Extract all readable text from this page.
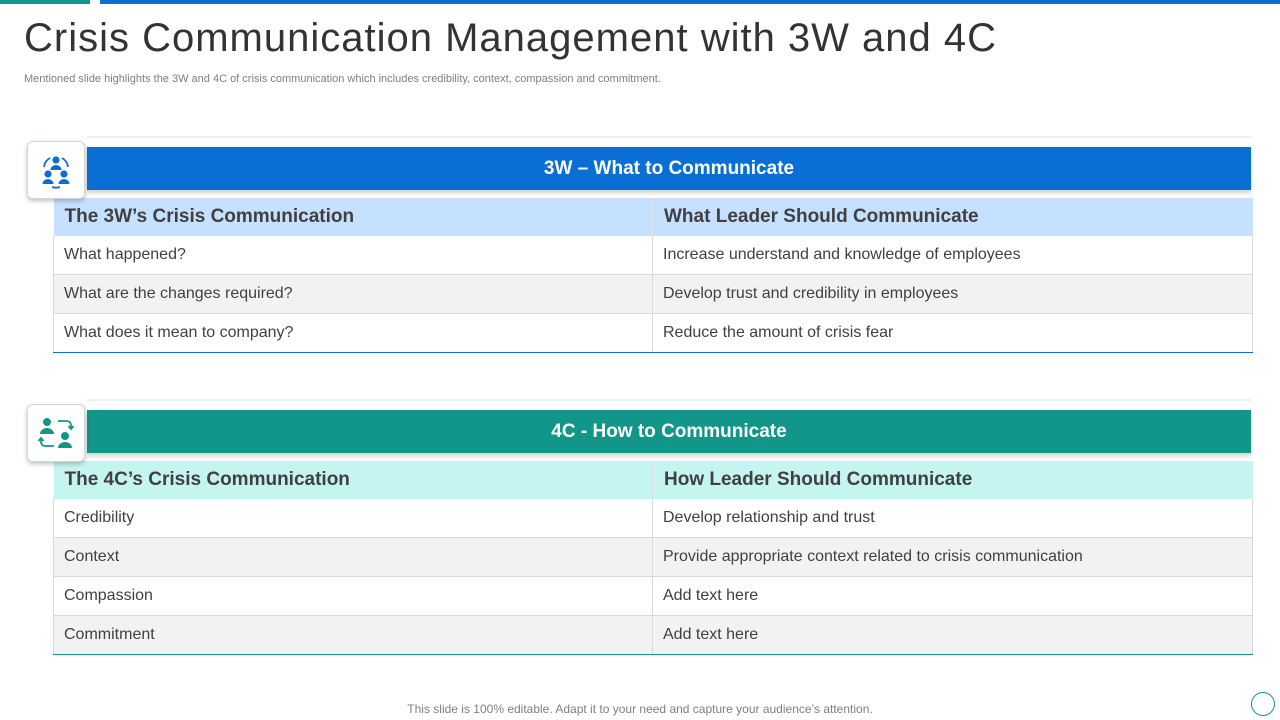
Crisis Communication Management with 3W and 4C

Mentioned slide highlights the 3W and 4C of crisis communication which includes credibility, context, compassion and commitment.

3W – What to Communicate
The 3W’s Crisis Communication	What Leader Should Communicate
What happened?	Increase understand and knowledge of employees
What are the changes required?	Develop trust and credibility in employees
What does it mean to company?	Reduce the amount of crisis fear
4C - How to Communicate
The 4C’s Crisis Communication	How Leader Should Communicate
Credibility	Develop relationship and trust
Context	Provide appropriate context related to crisis communication
Compassion	Add text here
Commitment	Add text here

This slide is 100% editable. Adapt it to your need and capture your audience’s attention.
